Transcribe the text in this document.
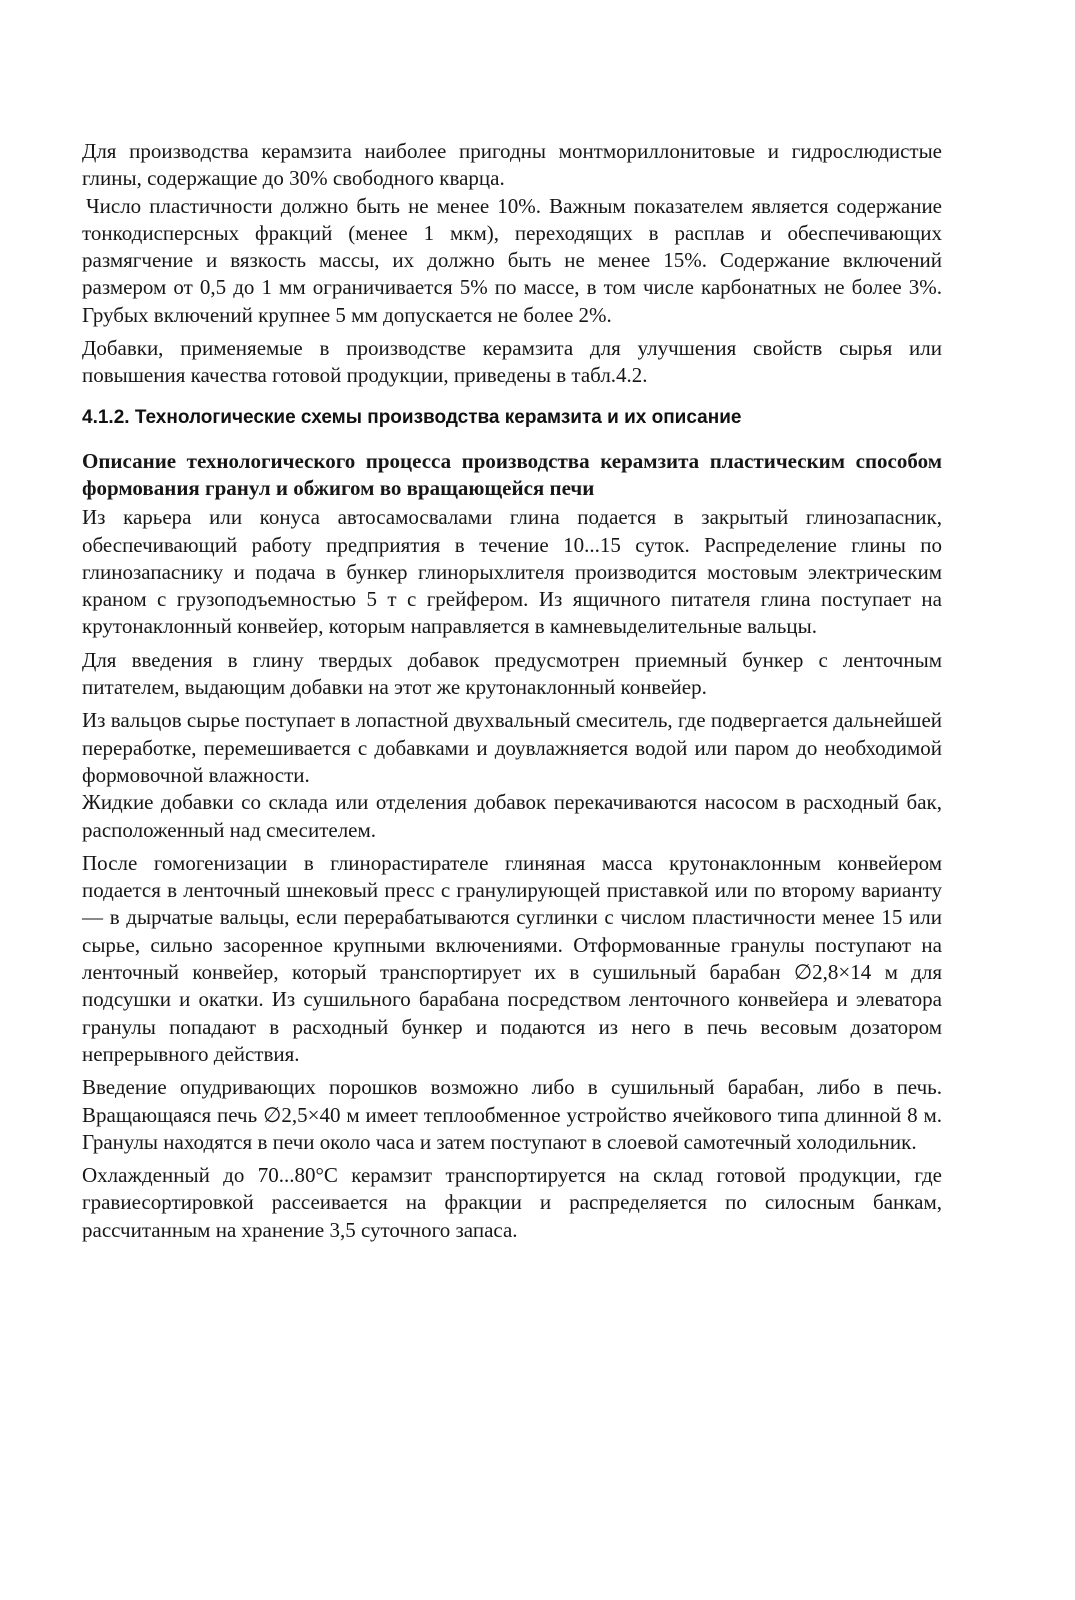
Для производства керамзита наиболее пригодны монтмориллонитовые и гидрослюдистые глины, содержащие до 30% свободного кварца.

Число пластичности должно быть не менее 10%. Важным показателем является содержание тонкодисперсных фракций (менее 1 мкм), переходящих в расплав и обеспечивающих размягчение и вязкость массы, их должно быть не менее 15%. Содержание включений размером от 0,5 до 1 мм ограничивается 5% по массе, в том числе карбонатных не более 3%. Грубых включений крупнее 5 мм допускается не более 2%.

Добавки, применяемые в производстве керамзита для улучшения свойств сырья или повышения качества готовой продукции, приведены в табл.4.2.

4.1.2. Технологические схемы производства керамзита и их описание

Описание технологического процесса производства керамзита пластическим способом формования гранул и обжигом во вращающейся печи

Из карьера или конуса автосамосвалами глина подается в закрытый глинозапасник, обеспечивающий работу предприятия в течение 10...15 суток. Распределение глины по глинозапаснику и подача в бункер глинорыхлителя производится мостовым электрическим краном с грузоподъемностью 5 т с грейфером. Из ящичного питателя глина поступает на крутонаклонный конвейер, которым направляется в камневыделительные вальцы.

Для введения в глину твердых добавок предусмотрен приемный бункер с ленточным питателем, выдающим добавки на этот же крутонаклонный конвейер.

Из вальцов сырье поступает в лопастной двухвальный смеситель, где подвергается дальнейшей переработке, перемешивается с добавками и доувлажняется водой или паром до необходимой формовочной влажности.

Жидкие добавки со склада или отделения добавок перекачиваются насосом в расходный бак, расположенный над смесителем.

После гомогенизации в глинорастирателе глиняная масса крутонаклонным конвейером подается в ленточный шнековый пресс с гранулирующей приставкой или по второму варианту — в дырчатые вальцы, если перерабатываются суглинки с числом пластичности менее 15 или сырье, сильно засоренное крупными включениями. Отформованные гранулы поступают на ленточный конвейер, который транспортирует их в сушильный барабан ∅2,8×14 м для подсушки и окатки. Из сушильного барабана посредством ленточного конвейера и элеватора гранулы попадают в расходный бункер и подаются из него в печь весовым дозатором непрерывного действия.

Введение опудривающих порошков возможно либо в сушильный барабан, либо в печь. Вращающаяся печь ∅2,5×40 м имеет теплообменное устройство ячейкового типа длинной 8 м. Гранулы находятся в печи около часа и затем поступают в слоевой самотечный холодильник.

Охлажденный до 70...80°С керамзит транспортируется на склад готовой продукции, где гравиесортировкой рассеивается на фракции и распределяется по силосным банкам, рассчитанным на хранение 3,5 суточного запаса.
